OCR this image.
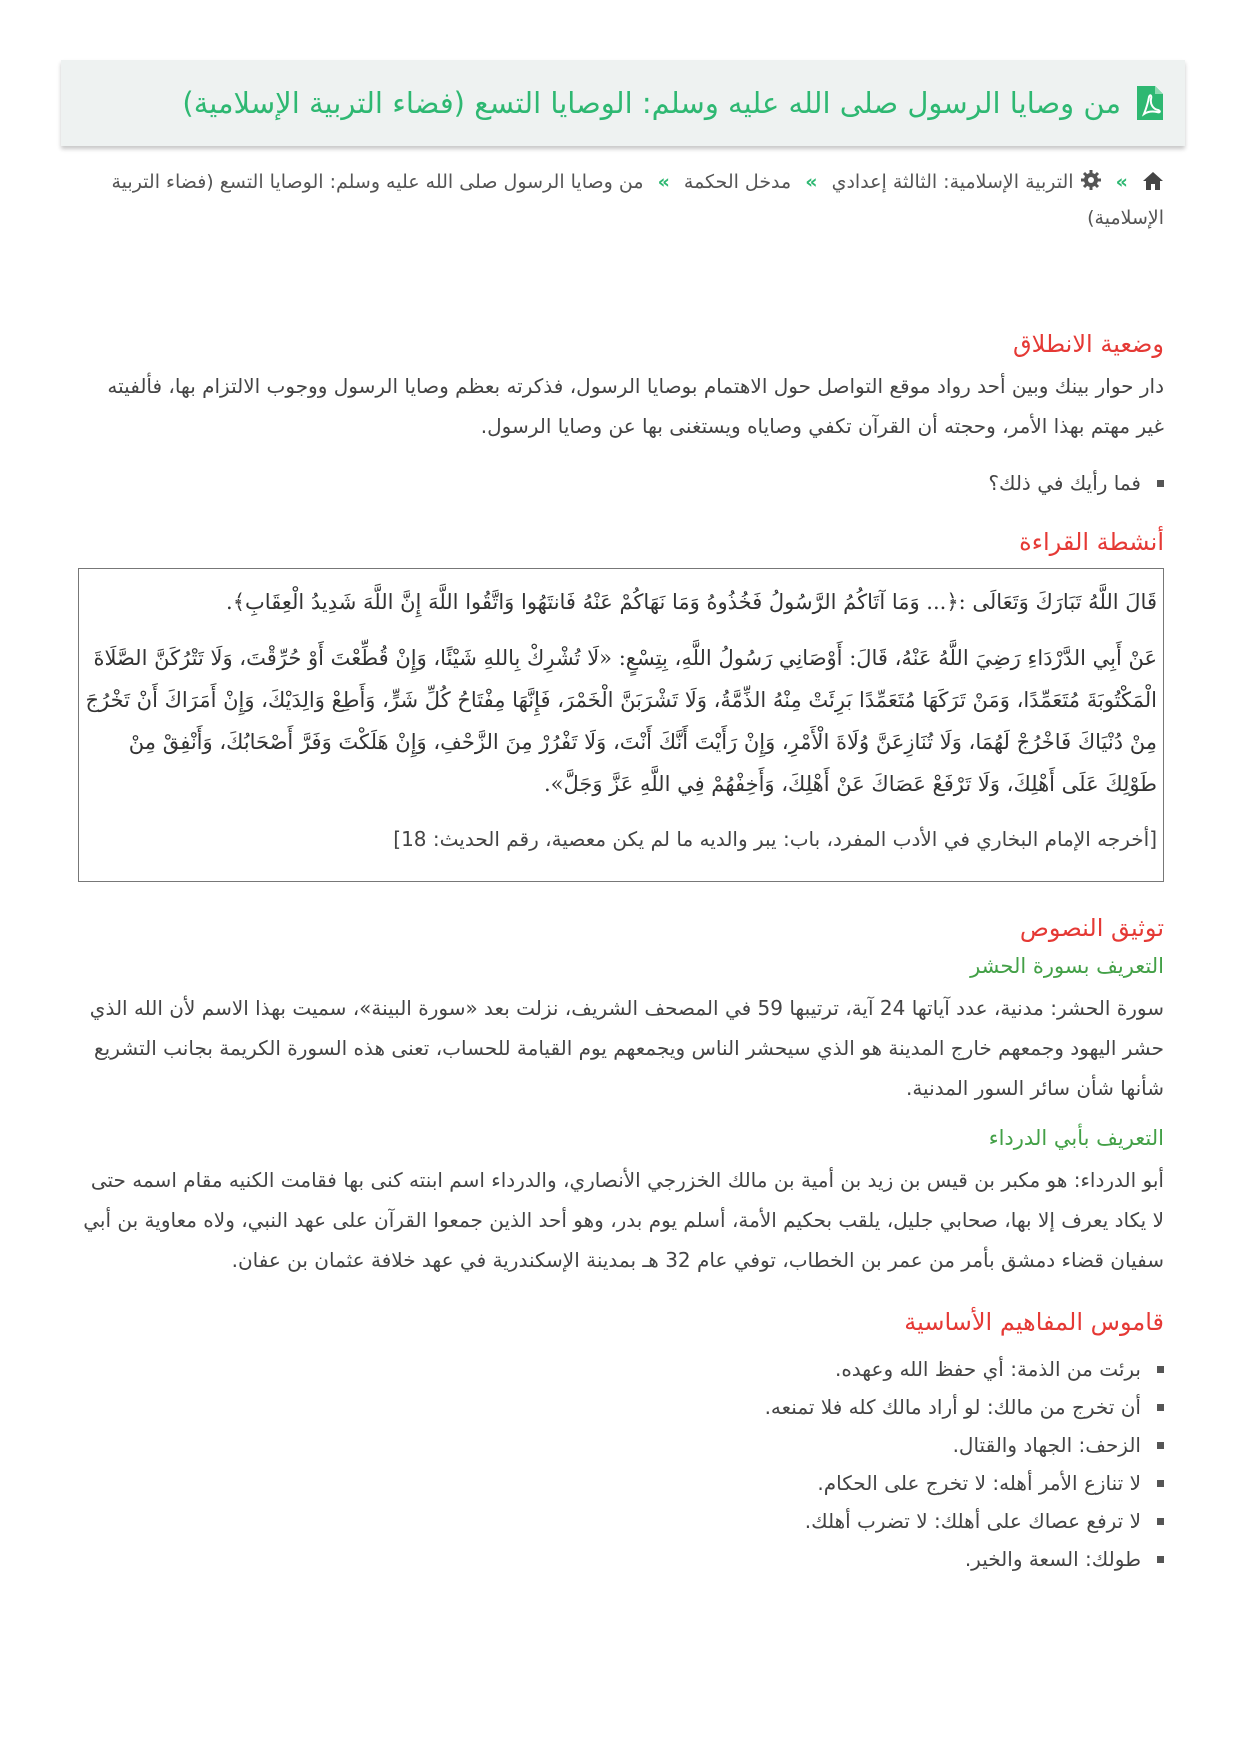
من وصايا الرسول صلى الله عليه وسلم: الوصايا التسع (فضاء التربية الإسلامية)
»  التربية الإسلامية: الثالثة إعدادي » مدخل الحكمة » من وصايا الرسول صلى الله عليه وسلم: الوصايا التسع (فضاء التربية الإسلامية)
وضعية الانطلاق

دار حوار بينك وبين أحد رواد موقع التواصل حول الاهتمام بوصايا الرسول، فذكرته بعظم وصايا الرسول ووجوب الالتزام بها، فألفيته غير مهتم بهذا الأمر، وحجته أن القرآن تكفي وصاياه ويستغنى بها عن وصايا الرسول.

فما رأيك في ذلك؟
أنشطة القراءة

قَالَ اللَّهُ تَبَارَكَ وَتَعَالَى :﴿... وَمَا آتَاكُمُ الرَّسُولُ فَخُذُوهُ وَمَا نَهَاكُمْ عَنْهُ فَانتَهُوا وَاتَّقُوا اللَّهَ إِنَّ اللَّهَ شَدِيدُ الْعِقَابِ﴾.

عَنْ أَبِي الدَّرْدَاءِ رَضِيَ اللَّهُ عَنْهُ، قَالَ: أَوْصَانِي رَسُولُ اللَّهِ، بِتِسْعٍ: «لَا تُشْرِكْ بِاللهِ شَيْئًا، وَإِنْ قُطِّعْتَ أَوْ حُرِّقْتَ، وَلَا تَتْرُكَنَّ الصَّلَاةَ الْمَكْتُوبَةَ مُتَعَمِّدًا، وَمَنْ تَرَكَهَا مُتَعَمِّدًا بَرِئَتْ مِنْهُ الذِّمَّةُ، وَلَا تَشْرَبَنَّ الْخَمْرَ، فَإِنَّهَا مِفْتَاحُ كُلِّ شَرٍّ، وَأَطِعْ وَالِدَيْكَ، وَإِنْ أَمَرَاكَ أَنْ تَخْرُجَ مِنْ دُنْيَاكَ فَاخْرُجْ لَهُمَا، وَلَا تُنَازِعَنَّ وُلَاةَ الْأَمْرِ، وَإِنْ رَأَيْتَ أَنَّكَ أَنْتَ، وَلَا تَفْرُرْ مِنَ الزَّحْفِ، وَإِنْ هَلَكْتَ وَفَرَّ أَصْحَابُكَ، وَأَنْفِقْ مِنْ طَوْلِكَ عَلَى أَهْلِكَ، وَلَا تَرْفَعْ عَصَاكَ عَنْ أَهْلِكَ، وَأَخِفْهُمْ فِي اللَّهِ عَزَّ وَجَلَّ».

[أخرجه الإمام البخاري في الأدب المفرد، باب: يبر والديه ما لم يكن معصية، رقم الحديث: 18]

توثيق النصوص
التعريف بسورة الحشر

سورة الحشر: مدنية، عدد آياتها 24 آية، ترتيبها 59 في المصحف الشريف، نزلت بعد «سورة البينة»، سميت بهذا الاسم لأن الله الذي حشر اليهود وجمعهم خارج المدينة هو الذي سيحشر الناس ويجمعهم يوم القيامة للحساب، تعنى هذه السورة الكريمة بجانب التشريع شأنها شأن سائر السور المدنية.

التعريف بأبي الدرداء

أبو الدرداء: هو مكبر بن قيس بن زيد بن أمية بن مالك الخزرجي الأنصاري، والدرداء اسم ابنته كنى بها فقامت الكنيه مقام اسمه حتى لا يكاد يعرف إلا بها، صحابي جليل، يلقب بحكيم الأمة، أسلم يوم بدر، وهو أحد الذين جمعوا القرآن على عهد النبي، ولاه معاوية بن أبي سفيان قضاء دمشق بأمر من عمر بن الخطاب، توفي عام 32 هـ بمدينة الإسكندرية في عهد خلافة عثمان بن عفان.

قاموس المفاهيم الأساسية
برئت من الذمة: أي حفظ الله وعهده.
أن تخرج من مالك: لو أراد مالك كله فلا تمنعه.
الزحف: الجهاد والقتال.
لا تنازع الأمر أهله: لا تخرج على الحكام.
لا ترفع عصاك على أهلك: لا تضرب أهلك.
طولك: السعة والخير.
